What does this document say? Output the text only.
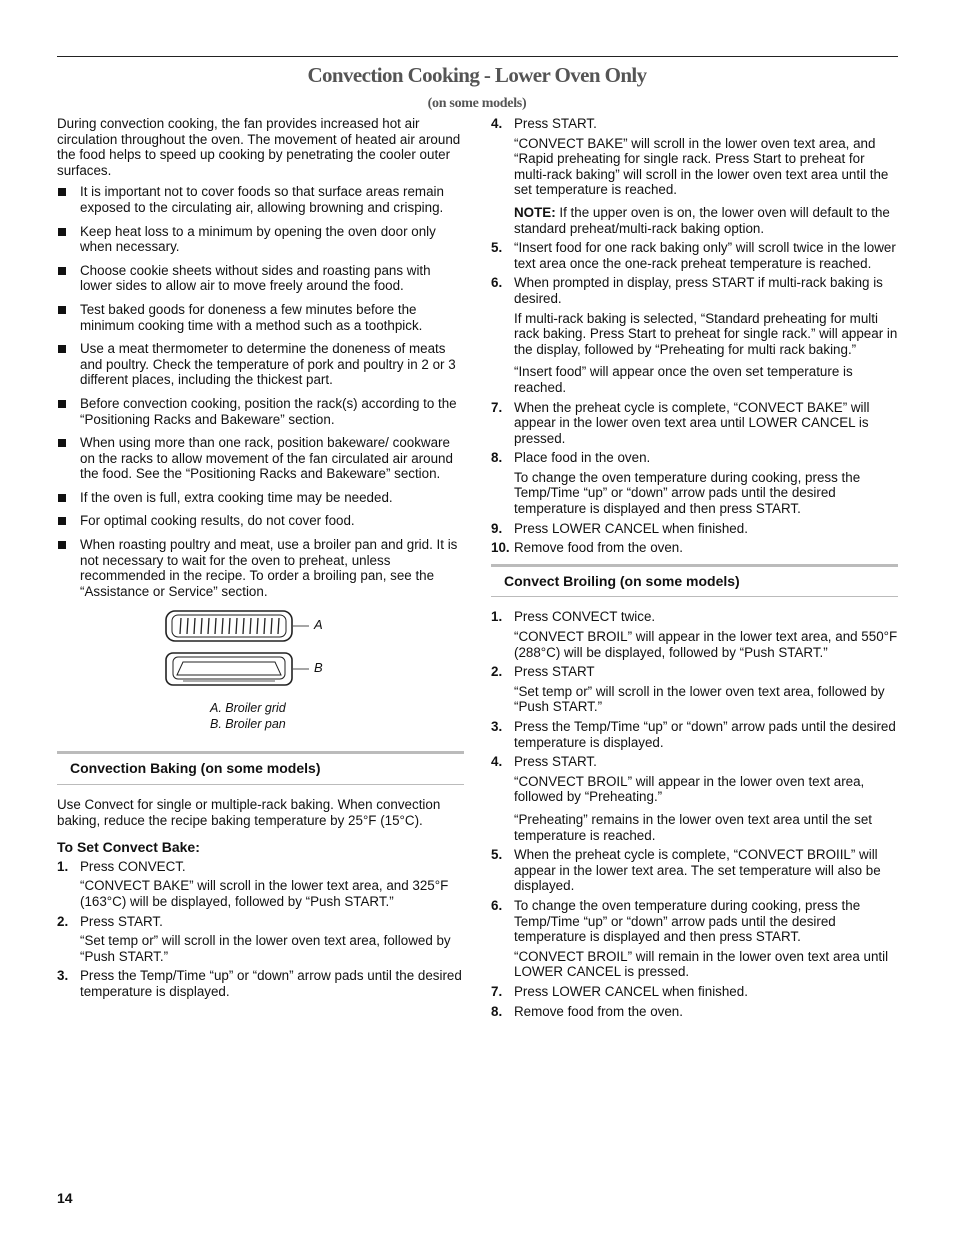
Convection Cooking - Lower Oven Only
(on some models)

During convection cooking, the fan provides increased hot air circulation throughout the oven. The movement of heated air around the food helps to speed up cooking by penetrating the cooler outer surfaces.

It is important not to cover foods so that surface areas remain exposed to the circulating air, allowing browning and crisping.
Keep heat loss to a minimum by opening the oven door only when necessary.
Choose cookie sheets without sides and roasting pans with lower sides to allow air to move freely around the food.
Test baked goods for doneness a few minutes before the minimum cooking time with a method such as a toothpick.
Use a meat thermometer to determine the doneness of meats and poultry. Check the temperature of pork and poultry in 2 or 3 different places, including the thickest part.
Before convection cooking, position the rack(s) according to the “Positioning Racks and Bakeware” section.
When using more than one rack, position bakeware/ cookware on the racks to allow movement of the fan circulated air around the food. See the “Positioning Racks and Bakeware” section.
If the oven is full, extra cooking time may be needed.
For optimal cooking results, do not cover food.
When roasting poultry and meat, use a broiler pan and grid. It is not necessary to wait for the oven to preheat, unless recommended in the recipe. To order a broiling pan, see the “Assistance or Service” section.
A
B
A. Broiler grid
B. Broiler pan
Convection Baking (on some models)

Use Convect for single or multiple-rack baking. When convection baking, reduce the recipe baking temperature by 25°F (15°C).

To Set Convect Bake:
1. Press CONVECT.
“CONVECT BAKE” will scroll in the lower text area, and 325°F (163°C) will be displayed, followed by “Push START.”
2. Press START.
“Set temp or” will scroll in the lower oven text area, followed by “Push START.”
3. Press the Temp/Time “up” or “down” arrow pads until the desired temperature is displayed.
4. Press START.
“CONVECT BAKE” will scroll in the lower oven text area, and “Rapid preheating for single rack. Press Start to preheat for multi-rack baking” will scroll in the lower oven text area until the set temperature is reached.
NOTE: If the upper oven is on, the lower oven will default to the standard preheat/multi-rack baking option.
5. “Insert food for one rack baking only” will scroll twice in the lower text area once the one-rack preheat temperature is reached.
6. When prompted in display, press START if multi-rack baking is desired.
If multi-rack baking is selected, “Standard preheating for multi rack baking. Press Start to preheat for single rack.” will appear in the display, followed by “Preheating for multi rack baking.”
“Insert food” will appear once the oven set temperature is reached.
7. When the preheat cycle is complete, “CONVECT BAKE” will appear in the lower oven text area until LOWER CANCEL is pressed.
8. Place food in the oven.
To change the oven temperature during cooking, press the Temp/Time “up” or “down” arrow pads until the desired temperature is displayed and then press START.
9. Press LOWER CANCEL when finished.
10. Remove food from the oven.
Convect Broiling (on some models)
1. Press CONVECT twice.
“CONVECT BROIL” will appear in the lower text area, and 550°F (288°C) will be displayed, followed by “Push START.”
2. Press START
“Set temp or” will scroll in the lower oven text area, followed by “Push START.”
3. Press the Temp/Time “up” or “down” arrow pads until the desired temperature is displayed.
4. Press START.
“CONVECT BROIL” will appear in the lower oven text area, followed by “Preheating.”
“Preheating” remains in the lower oven text area until the set temperature is reached.
5. When the preheat cycle is complete, “CONVECT BROIIL” will appear in the lower text area. The set temperature will also be displayed.
6. To change the oven temperature during cooking, press the Temp/Time “up” or “down” arrow pads until the desired temperature is displayed and then press START.
“CONVECT BROIL” will remain in the lower oven text area until LOWER CANCEL is pressed.
7. Press LOWER CANCEL when finished.
8. Remove food from the oven.
14
